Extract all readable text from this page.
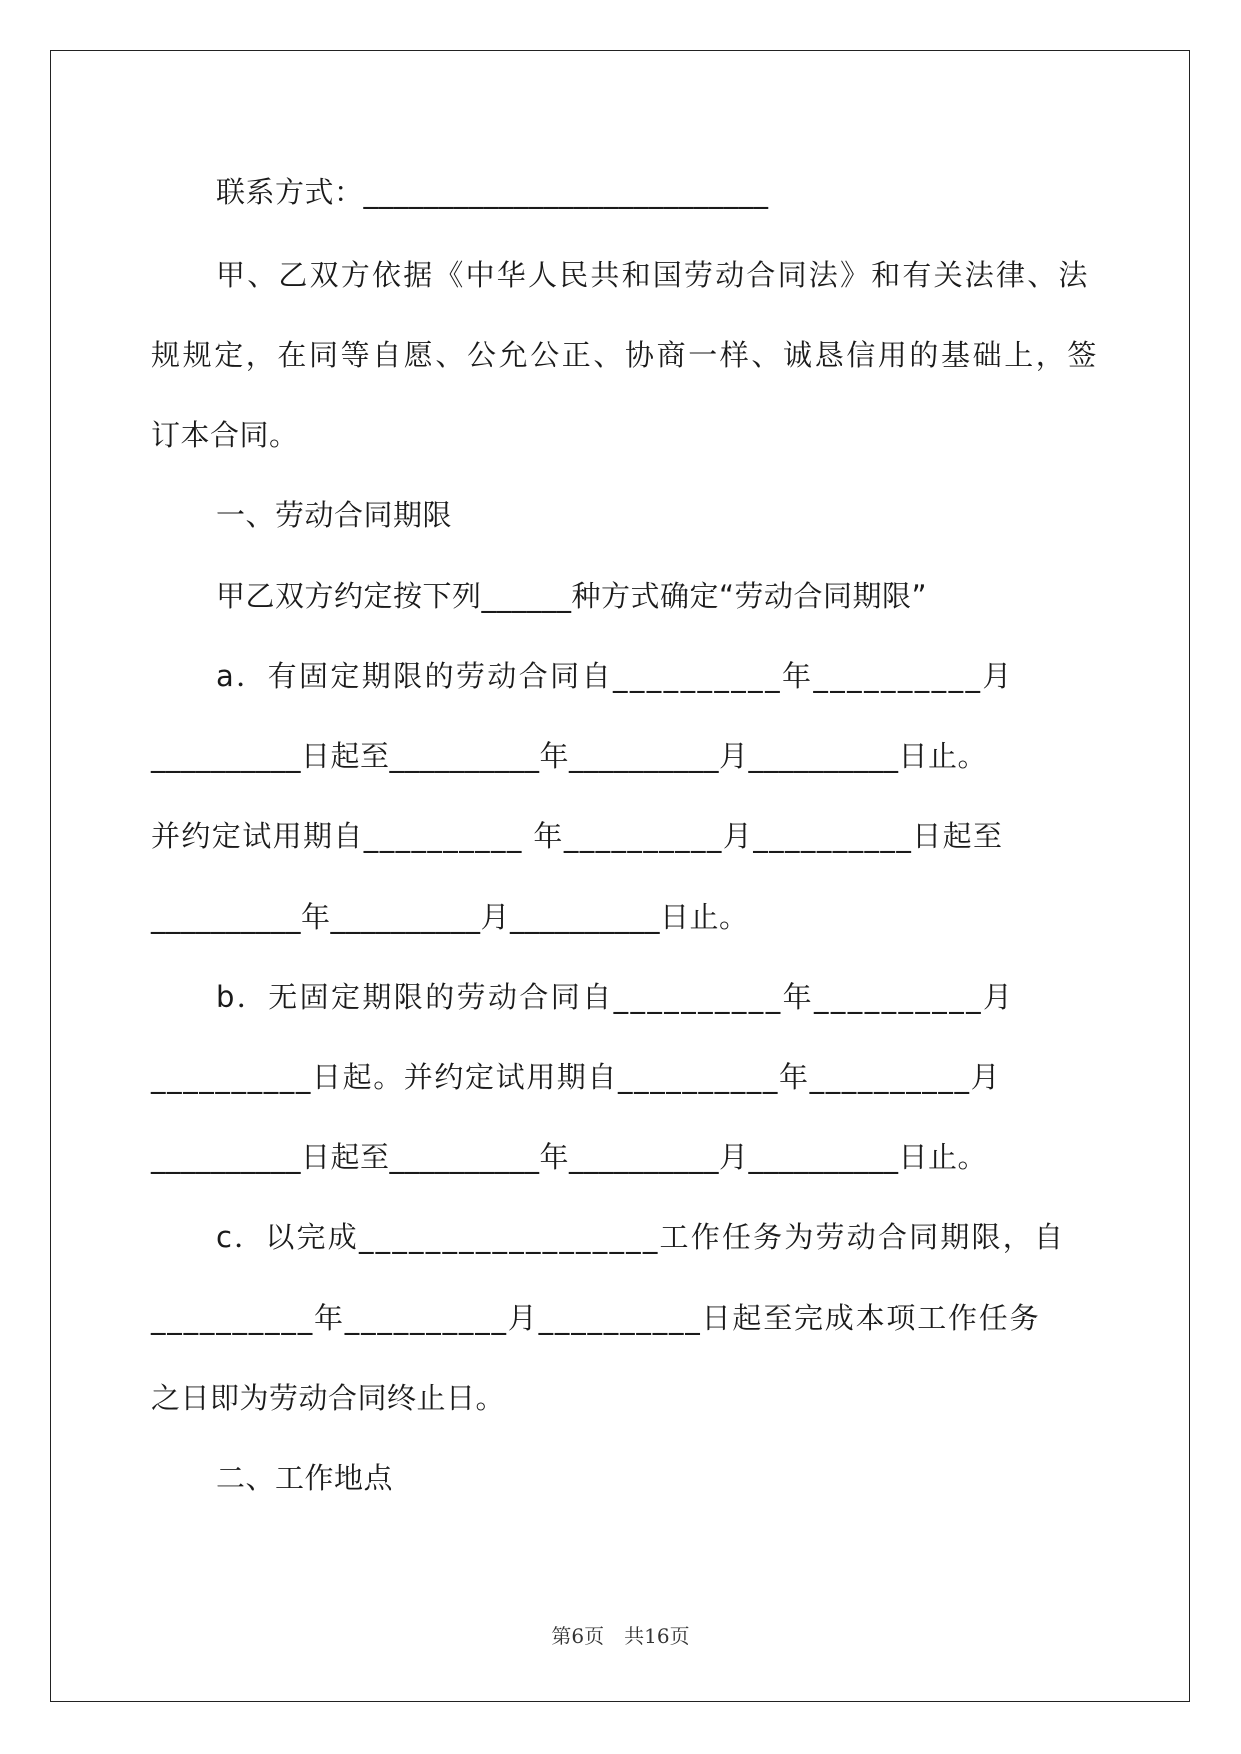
联系方式：___________________________
甲、乙双方依据《中华人民共和国劳动合同法》和有关法律、法
规规定，在同等自愿、公允公正、协商一样、诚恳信用的基础上，签
订本合同。
一、劳动合同期限
甲乙双方约定按下列______种方式确定“劳动合同期限”
a．有固定期限的劳动合同自__________年__________月
__________日起至__________年__________月__________日止。
并约定试用期自__________ 年__________月__________日起至
__________年__________月__________日止。
b．无固定期限的劳动合同自__________年__________月
__________日起。并约定试用期自__________年__________月
__________日起至__________年__________月__________日止。
c．以完成__________________工作任务为劳动合同期限，自
__________年__________月__________日起至完成本项工作任务
之日即为劳动合同终止日。
二、工作地点
第6页　共16页
